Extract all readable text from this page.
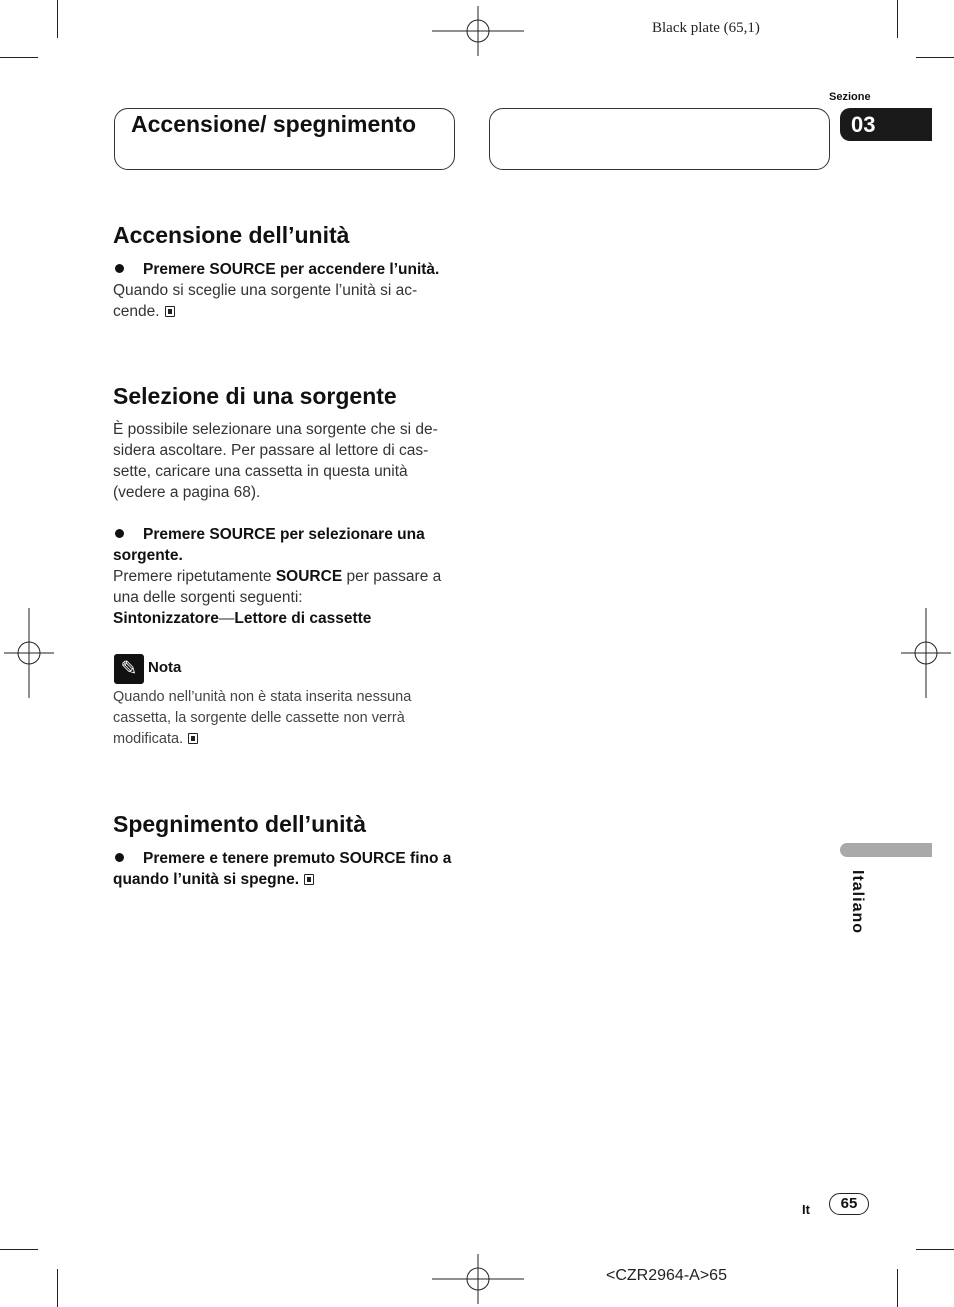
Black plate (65,1)
Accensione/ spegnimento
Sezione
03
Accensione dell’unità
Premere SOURCE per accendere l’unità.
Quando si sceglie una sorgente l’unità si ac- cende.
Selezione di una sorgente
È possibile selezionare una sorgente che si de- sidera ascoltare. Per passare al lettore di cas- sette, caricare una cassetta in questa unità (vedere a pagina 68).
Premere SOURCE per selezionare una sorgente.
Premere ripetutamente SOURCE per passare a una delle sorgenti seguenti:
Sintonizzatore—Lettore di cassette
✎ Nota
Quando nell’unità non è stata inserita nessuna cassetta, la sorgente delle cassette non verrà modificata.
Spegnimento dell’unità
Premere e tenere premuto SOURCE fino a quando l’unità si spegne.	Italiano
It	65
<CZR2964-A>65
